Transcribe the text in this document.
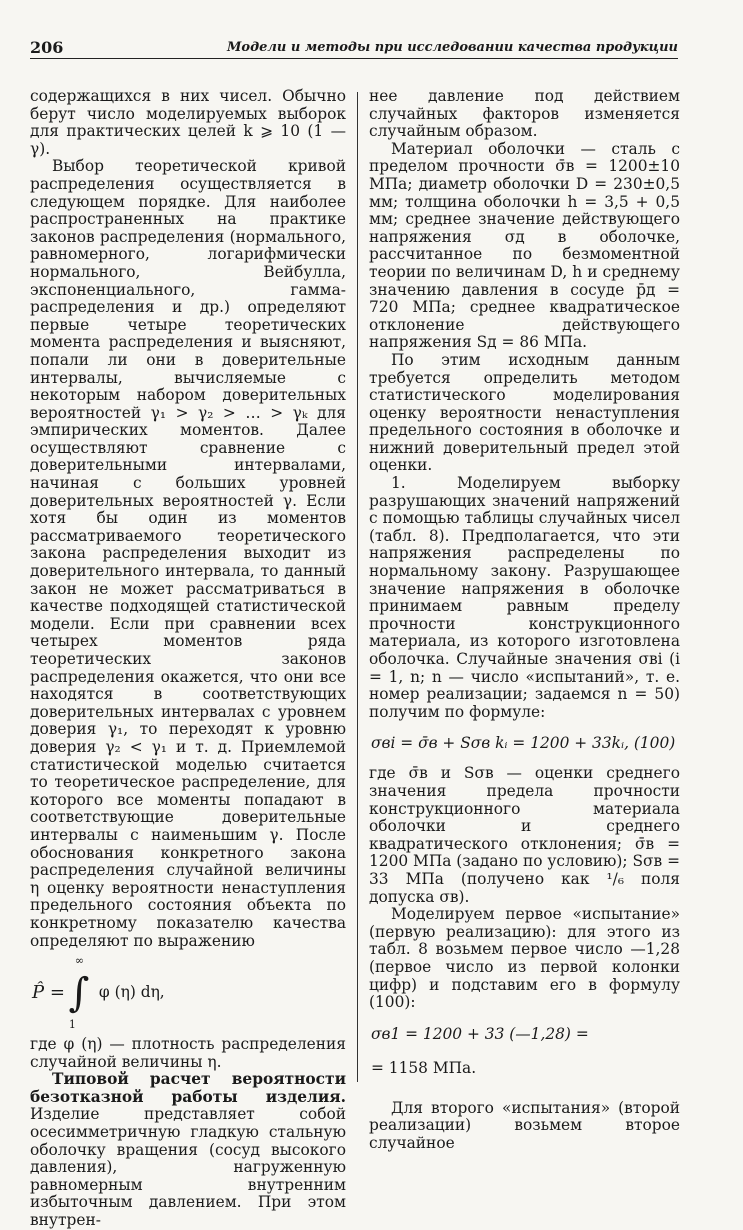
206	Модели и методы при исследовании качества продукции

содержащихся в них чисел. Обычно берут число моделируемых выборок для практических целей k ⩾ 10 (1 — γ).

Выбор теоретической кривой распределения осуществляется в следующем порядке. Для наиболее распространенных на практике законов распределения (нормального, равномерного, логарифмически нормального, Вейбулла, экспоненциального, гамма-распределения и др.) определяют первые четыре теоретических момента распределения и выясняют, попали ли они в доверительные интервалы, вычисляемые с некоторым набором доверительных вероятностей γ₁ > γ₂ > … > γₖ для эмпирических моментов. Далее осуществляют сравнение с доверительными интервалами, начиная с больших уровней доверительных вероятностей γ. Если хотя бы один из моментов рассматриваемого теоретического закона распределения выходит из доверительного интервала, то данный закон не может рассматриваться в качестве подходящей статистической модели. Если при сравнении всех четырех моментов ряда теоретических законов распределения окажется, что они все находятся в соответствующих доверительных интервалах с уровнем доверия γ₁, то переходят к уровню доверия γ₂ < γ₁ и т. д. Приемлемой статистической моделью считается то теоретическое распределение, для которого все моменты попадают в соответствующие доверительные интервалы с наименьшим γ. После обоснования конкретного закона распределения случайной величины η оценку вероятности ненаступления предельного состояния объекта по конкретному показателю качества определяют по выражению

P̂ = ∫
∞
1
φ (η) dη,

где φ (η) — плотность распределения случайной величины η.

Типовой расчет вероятности безотказной работы изделия. Изделие представляет собой осесимметричную гладкую стальную оболочку вращения (сосуд высокого давления), нагруженную равномерным внутренним избыточным давлением. При этом внутрен-

нее давление под действием случайных факторов изменяется случайным образом.

Материал оболочки — сталь с пределом прочности σ̄в = 1200±10 МПа; диаметр оболочки D = 230±0,5 мм; толщина оболочки h = 3,5 + 0,5 мм; среднее значение действующего напряжения σд в оболочке, рассчитанное по безмоментной теории по величинам D, h и среднему значению давления в сосуде p̄д = 720 МПа; среднее квадратическое отклонение действующего напряжения Sд = 86 МПа.

По этим исходным данным требуется определить методом статистического моделирования оценку вероятности ненаступления предельного состояния в оболочке и нижний доверительный предел этой оценки.

1. Моделируем выборку разрушающих значений напряжений с помощью таблицы случайных чисел (табл. 8). Предполагается, что эти напряжения распределены по нормальному закону. Разрушающее значение напряжения в оболочке принимаем равным пределу прочности конструкционного материала, из которого изготовлена оболочка. Случайные значения σвi (i = 1, n; n — число «испытаний», т. е. номер реализации; задаемся n = 50) получим по формуле:

σвi = σ̄в + Sσв kᵢ = 1200 + 33kᵢ, (100)

где σ̄в и Sσв — оценки среднего значения предела прочности конструкционного материала оболочки и среднего квадратического отклонения; σ̄в = 1200 МПа (задано по условию); Sσв = 33 МПа (получено как ¹/₆ поля допуска σв).

Моделируем первое «испытание» (первую реализацию): для этого из табл. 8 возьмем первое число —1,28 (первое число из первой колонки цифр) и подставим его в формулу (100):

σв1 = 1200 + 33 (—1,28) =
= 1158 МПа.

Для второго «испытания» (второй реализации) возьмем второе случайное
